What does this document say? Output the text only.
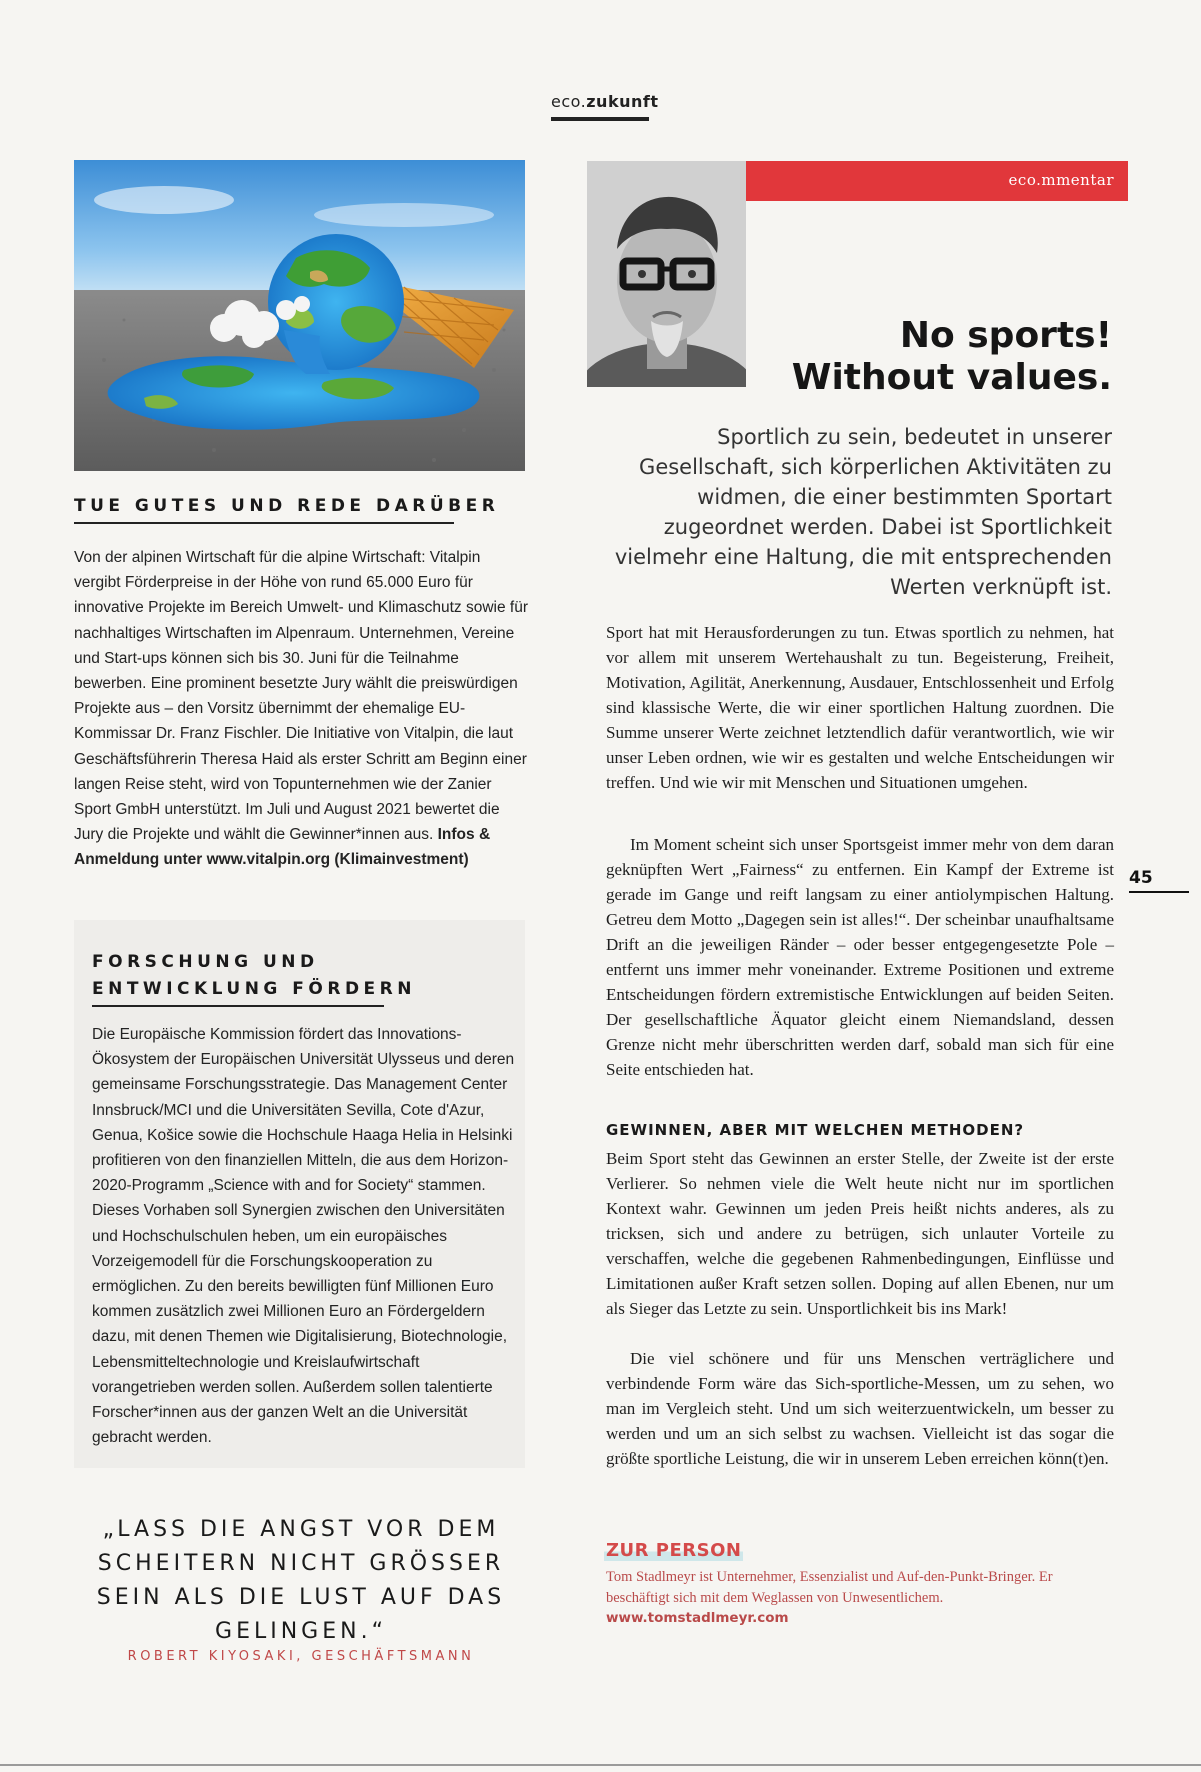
eco.zukunft
TUE GUTES UND REDE DARÜBER
Von der alpinen Wirtschaft für die alpine Wirtschaft: Vitalpin vergibt Förderpreise in der Höhe von rund 65.000 Euro für innovative Projekte im Bereich Umwelt- und Klimaschutz sowie für nachhaltiges Wirtschaften im Alpenraum. Unternehmen, Vereine und Start-ups können sich bis 30. Juni für die Teilnahme bewerben. Eine prominent besetzte Jury wählt die preiswürdigen Projekte aus – den Vorsitz übernimmt der ehemalige EU-Kommissar Dr. Franz Fischler. Die Initiative von Vitalpin, die laut Geschäftsführerin Theresa Haid als erster Schritt am Beginn einer langen Reise steht, wird von Topunternehmen wie der Zanier Sport GmbH unterstützt. Im Juli und August 2021 bewertet die Jury die Projekte und wählt die Gewinner*innen aus. Infos & Anmeldung unter www.vitalpin.org (Klimainvestment)
FORSCHUNG UND
ENTWICKLUNG FÖRDERN
Die Europäische Kommission fördert das Innovations-Ökosystem der Europäischen Universität Ulysseus und deren gemeinsame Forschungsstrategie. Das Management Center Innsbruck/MCI und die Universitäten Sevilla, Cote d'Azur, Genua, Košice sowie die Hochschule Haaga Helia in Helsinki profitieren von den finanziellen Mitteln, die aus dem Horizon-2020-Programm „Science with and for Society“ stammen. Dieses Vorhaben soll Synergien zwischen den Universitäten und Hochschulschulen heben, um ein europäisches Vorzeigemodell für die Forschungskooperation zu ermöglichen. Zu den bereits bewilligten fünf Millionen Euro kommen zusätzlich zwei Millionen Euro an Fördergeldern dazu, mit denen Themen wie Digitalisierung, Biotechnologie, Lebensmitteltechnologie und Kreislaufwirtschaft vorangetrieben werden sollen. Außerdem sollen talentierte Forscher*innen aus der ganzen Welt an die Universität gebracht werden.
„LASS DIE ANGST VOR DEM SCHEITERN NICHT GRÖSSER SEIN ALS DIE LUST AUF DAS GELINGEN.“
ROBERT KIYOSAKI, GESCHÄFTSMANN
eco.mmentar
No sports!
Without values.
Sportlich zu sein, bedeutet in unserer Gesellschaft, sich körperlichen Aktivitäten zu widmen, die einer bestimmten Sportart zugeordnet werden. Dabei ist Sportlichkeit vielmehr eine Haltung, die mit entsprechenden Werten verknüpft ist.

Sport hat mit Herausforderungen zu tun. Etwas sportlich zu nehmen, hat vor allem mit unserem Wertehaushalt zu tun. Begeisterung, Freiheit, Motivation, Agilität, Anerkennung, Ausdauer, Entschlossenheit und Erfolg sind klassische Werte, die wir einer sportlichen Haltung zuordnen. Die Summe unserer Werte zeichnet letztendlich dafür verantwortlich, wie wir unser Leben ordnen, wie wir es gestalten und welche Entscheidungen wir treffen. Und wie wir mit Menschen und Situationen umgehen.

Im Moment scheint sich unser Sportsgeist immer mehr von dem daran geknüpften Wert „Fairness“ zu entfernen. Ein Kampf der Extreme ist gerade im Gange und reift langsam zu einer antiolympischen Haltung. Getreu dem Motto „Dagegen sein ist alles!“. Der scheinbar unaufhaltsame Drift an die jeweiligen Ränder – oder besser entgegengesetzte Pole – entfernt uns immer mehr voneinander. Extreme Positionen und extreme Entscheidungen fördern extremistische Entwicklungen auf beiden Seiten. Der gesellschaftliche Äquator gleicht einem Niemandsland, dessen Grenze nicht mehr überschritten werden darf, sobald man sich für eine Seite entschieden hat.

GEWINNEN, ABER MIT WELCHEN METHODEN?

Beim Sport steht das Gewinnen an erster Stelle, der Zweite ist der erste Verlierer. So nehmen viele die Welt heute nicht nur im sportlichen Kontext wahr. Gewinnen um jeden Preis heißt nichts anderes, als zu tricksen, sich und andere zu betrügen, sich unlauter Vorteile zu verschaffen, welche die gegebenen Rahmenbedingungen, Einflüsse und Limitationen außer Kraft setzen sollen. Doping auf allen Ebenen, nur um als Sieger das Letzte zu sein. Unsportlichkeit bis ins Mark!

Die viel schönere und für uns Menschen verträglichere und verbindende Form wäre das Sich-sportliche-Messen, um zu sehen, wo man im Vergleich steht. Und um sich weiterzuentwickeln, um besser zu werden und um an sich selbst zu wachsen. Vielleicht ist das sogar die größte sportliche Leistung, die wir in unserem Leben erreichen könn(t)en.

ZUR PERSON
Tom Stadlmeyr ist Unternehmer, Essenzialist und Auf-den-Punkt-Bringer. Er beschäftigt sich mit dem Weglassen von Unwesentlichem.
www.tomstadlmeyr.com
45
